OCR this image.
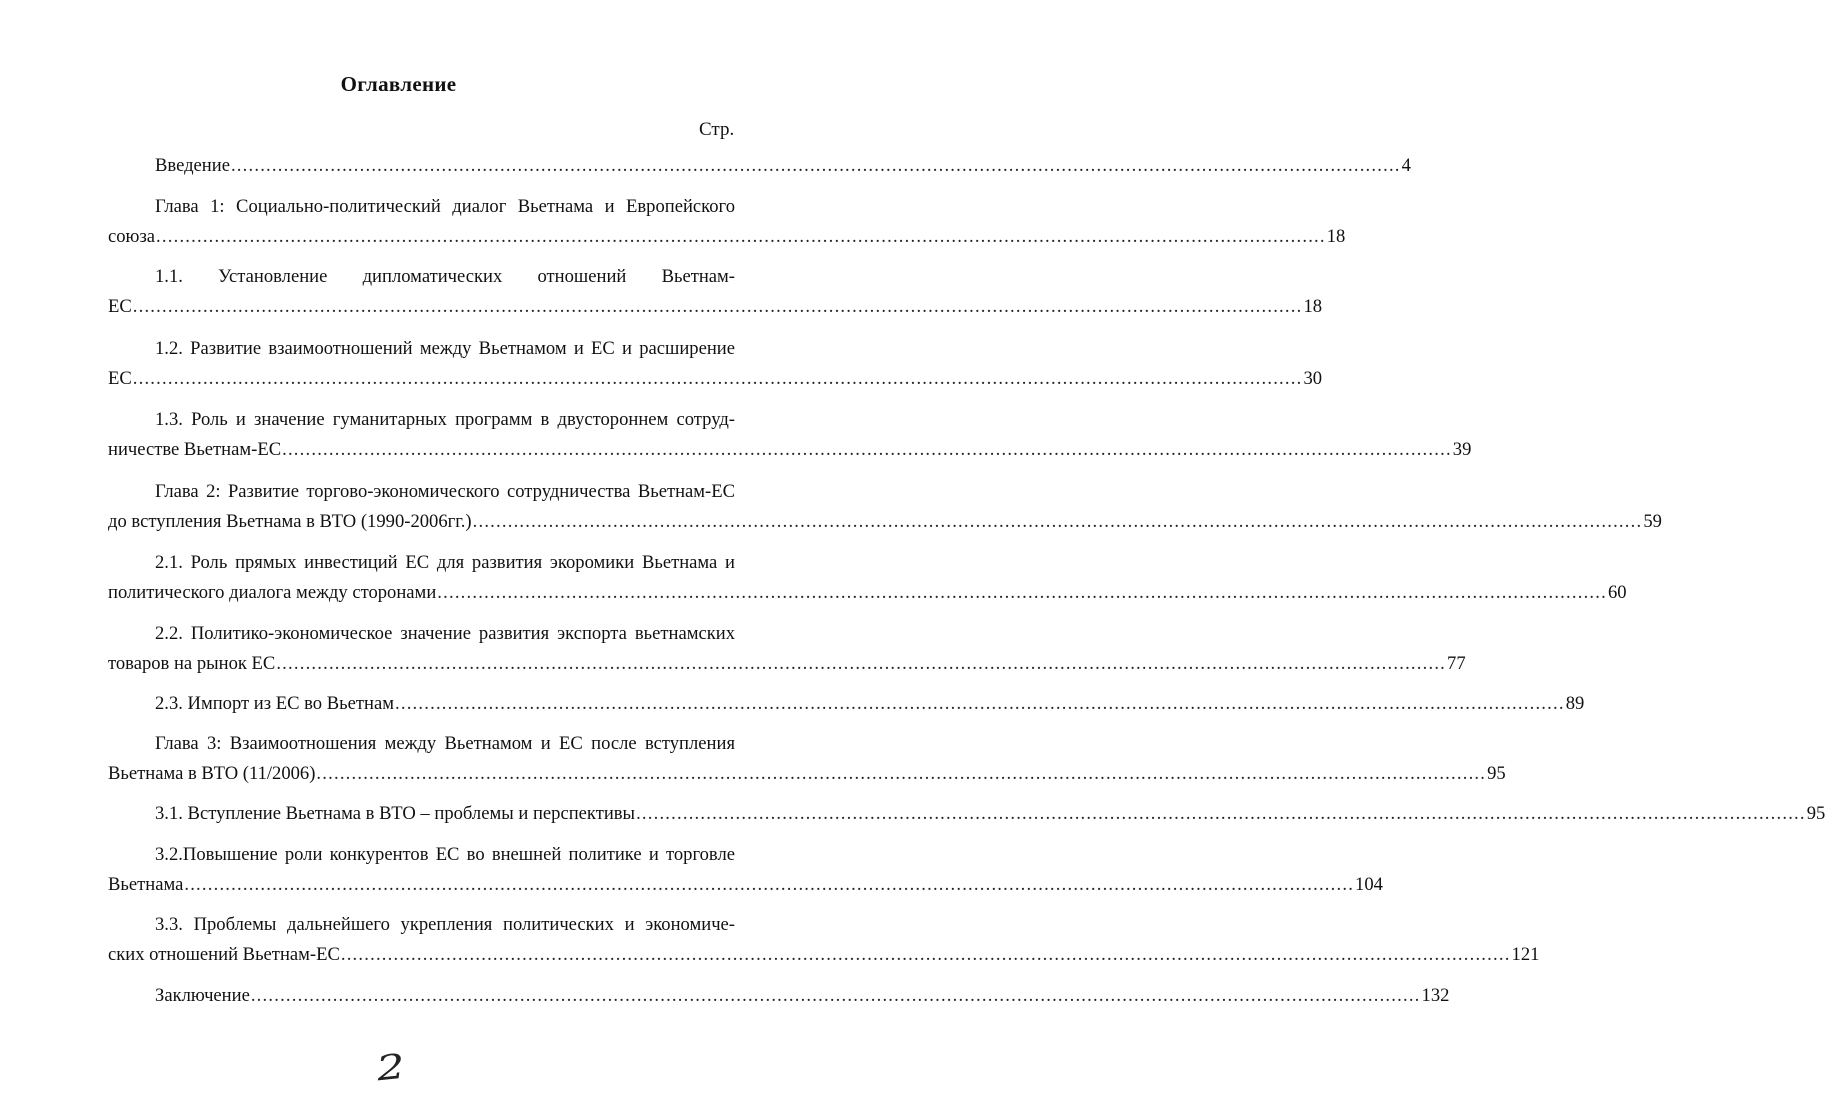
Оглавление
Стр.
Введение ........................................................................................................................................................................................................ 4
Глава 1: Социально-политический диалог Вьетнама и Европейского
союза ........................................................................................................................................................................................................ 18
1.1. Установление дипломатических отношений Вьетнам-
ЕС ........................................................................................................................................................................................................ 18
1.2. Развитие взаимоотношений между Вьетнамом и ЕС и расширение
ЕС ........................................................................................................................................................................................................ 30
1.3. Роль и значение гуманитарных программ в двустороннем сотруд-
ничестве Вьетнам-ЕС ........................................................................................................................................................................................................ 39
Глава 2: Развитие торгово-экономического сотрудничества Вьетнам-ЕС
до вступления Вьетнама в ВТО (1990-2006гг.) ........................................................................................................................................................................................................ 59
2.1. Роль прямых инвестиций ЕС для развития экоромики Вьетнама и
политического диалога между сторонами ........................................................................................................................................................................................................ 60
2.2. Политико-экономическое значение развития экспорта вьетнамских
товаров на рынок ЕС ........................................................................................................................................................................................................ 77
2.3. Импорт из ЕС во Вьетнам ........................................................................................................................................................................................................ 89
Глава 3: Взаимоотношения между Вьетнамом и ЕС после вступления
Вьетнама в ВТО (11/2006) ........................................................................................................................................................................................................ 95
3.1. Вступление Вьетнама в ВТО – проблемы и перспективы ........................................................................................................................................................................................................ 95
3.2.Повышение роли конкурентов ЕС во внешней политике и торговле
Вьетнама ........................................................................................................................................................................................................ 104
3.3. Проблемы дальнейшего укрепления политических и экономиче-
ских отношений Вьетнам-ЕС ........................................................................................................................................................................................................ 121
Заключение ........................................................................................................................................................................................................ 132
2
